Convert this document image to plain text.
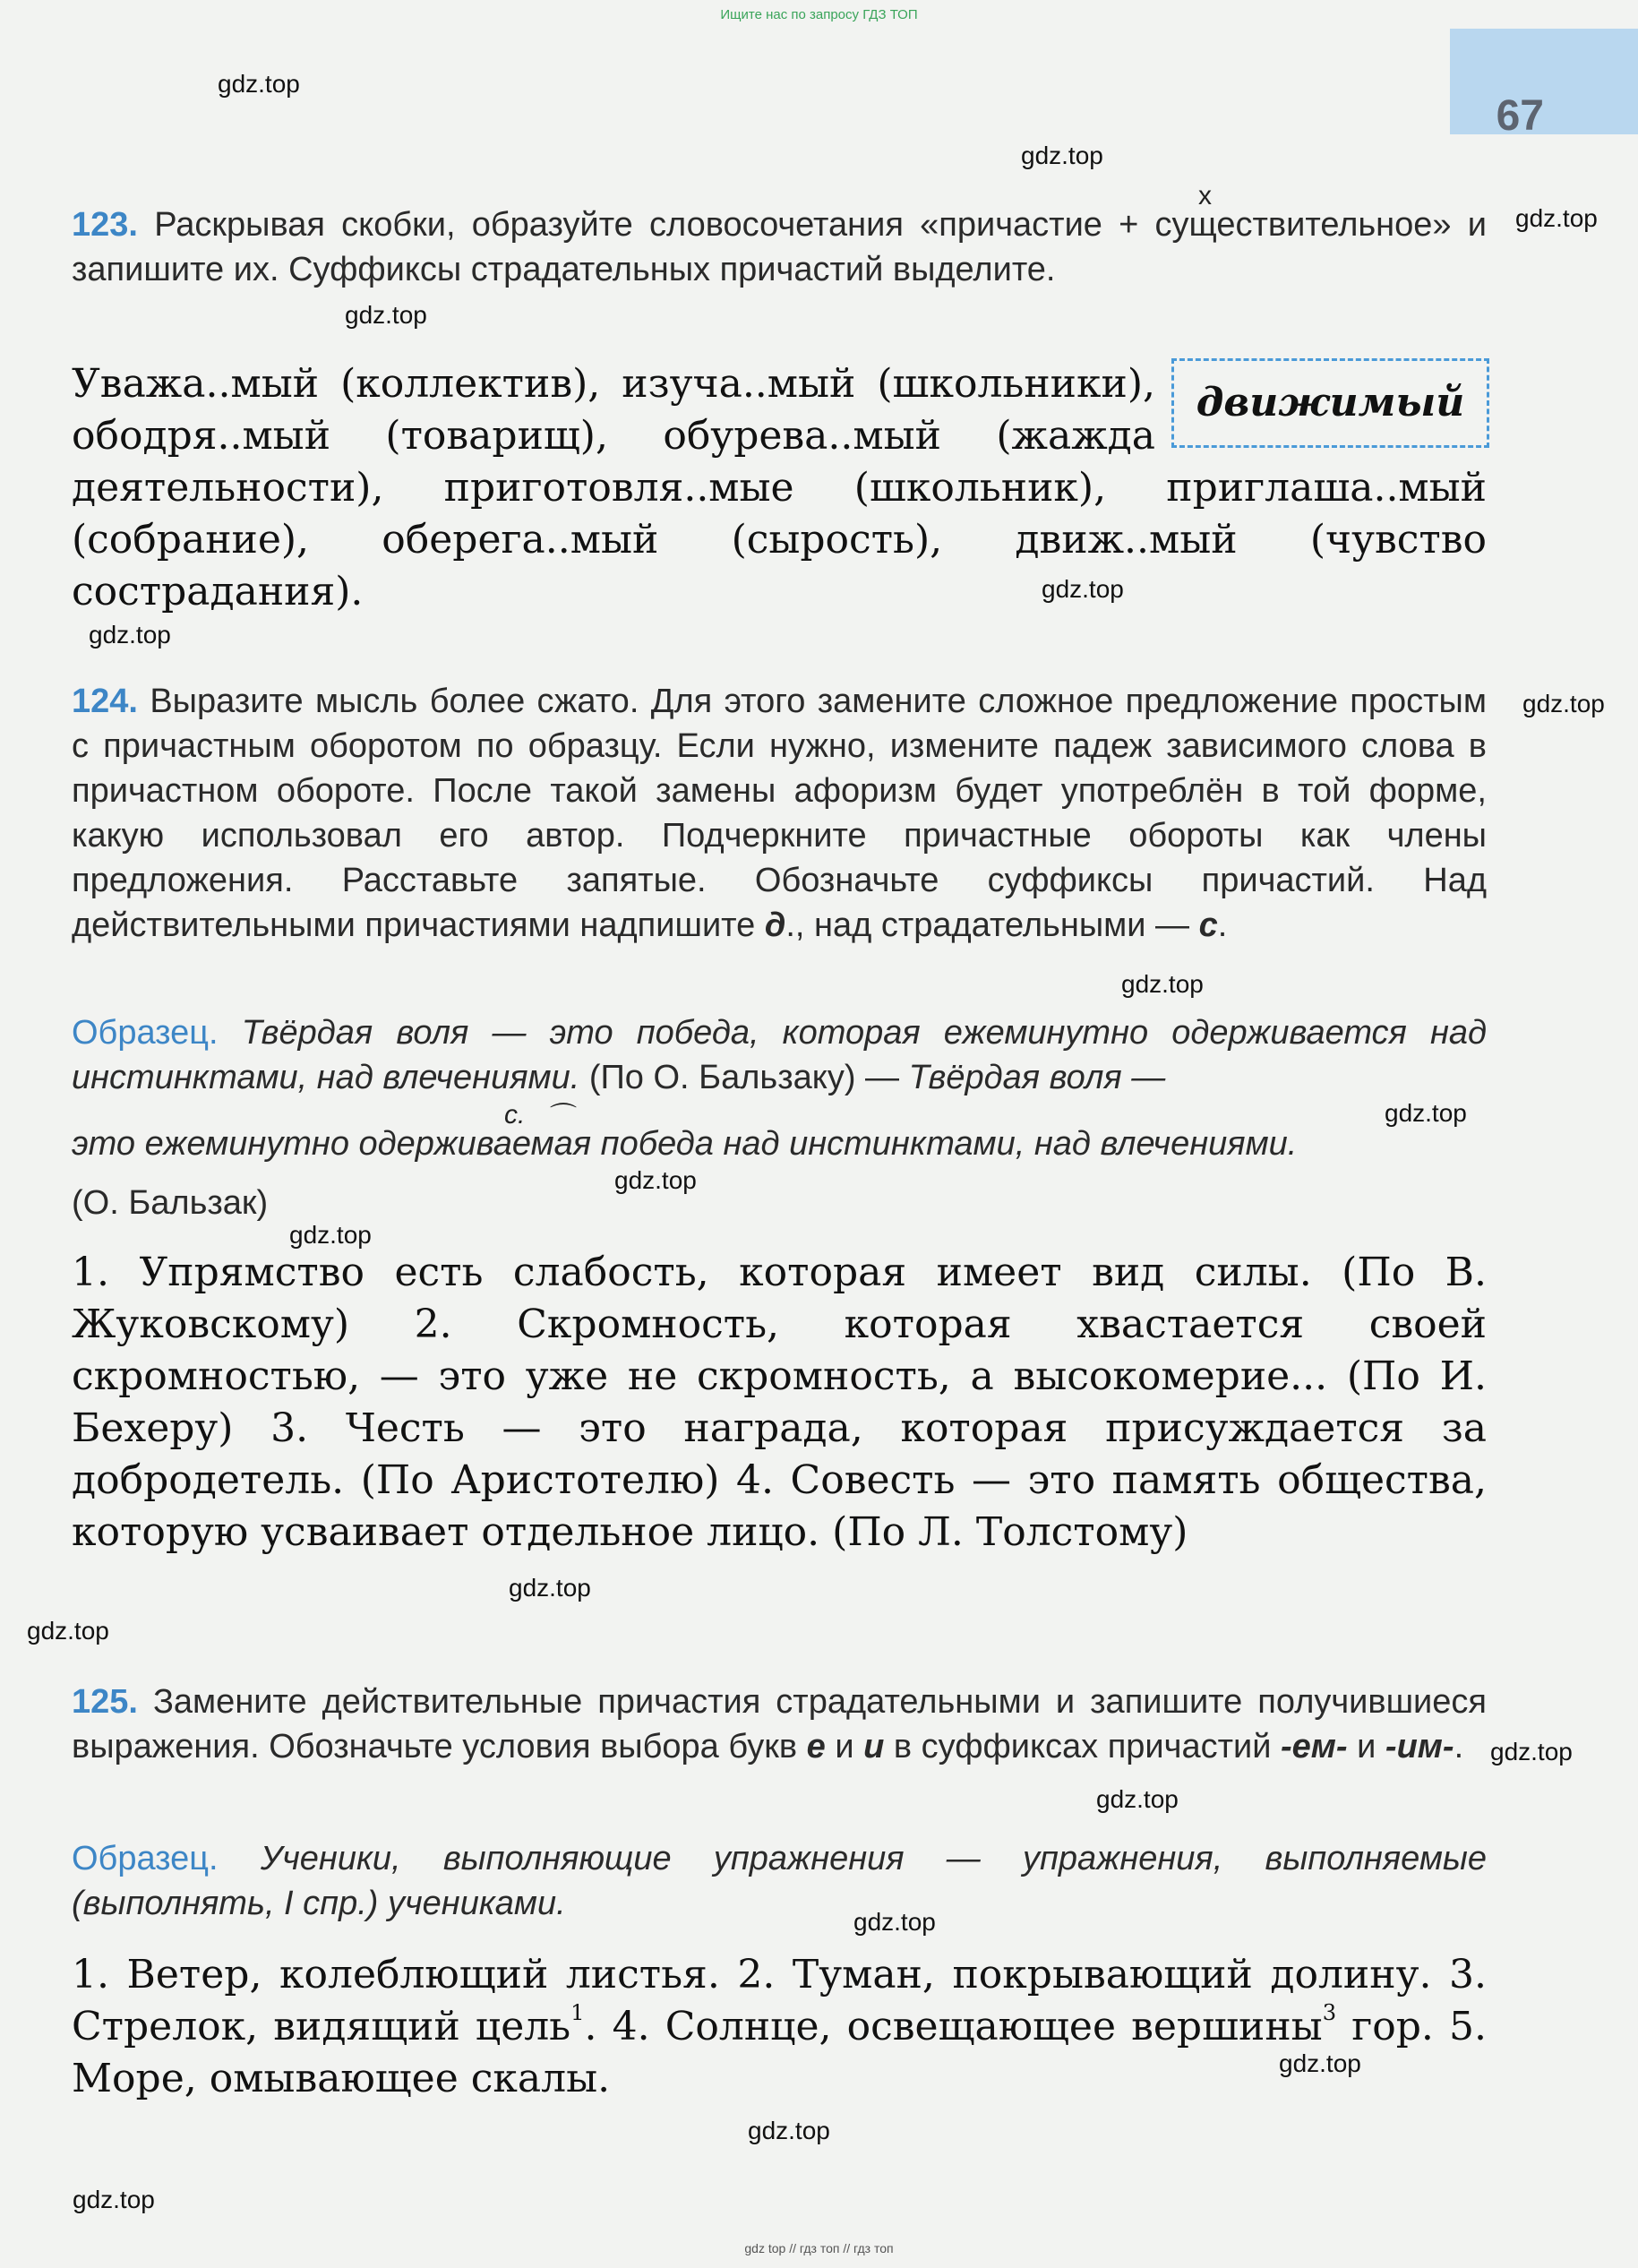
Ищите нас по запросу ГДЗ ТОП
67
gdz.top
gdz.top
gdz.top
gdz.top
gdz.top
gdz.top
gdz.top
gdz.top
gdz.top
gdz.top
gdz.top
gdz.top
gdz.top
gdz.top
gdz.top
gdz.top
gdz.top
gdz.top
gdz.top
x
123. Раскрывая скобки, образуйте словосочетания «причастие + существительное» и запишите их. Суффиксы страдательных причастий выделите.
движимый
Уважа..мый (коллектив), изуча..мый (школьники), ободря..мый (товарищ), обурева..мый (жажда деятельности), приготовля..мые (школьник), приглаша..мый (собрание), оберега..мый (сырость), движ..мый (чувство сострадания).
124. Выразите мысль более сжато. Для этого замените сложное предложение простым с причастным оборотом по образцу. Если нужно, измените падеж зависимого слова в причастном обороте. После такой замены афоризм будет употреблён в той форме, какую использовал его автор. Подчеркните причастные обороты как члены предложения. Расставьте запятые. Обозначьте суффиксы причастий. Над действительными причастиями надпишите д., над страдательными — с.
Образец. Твёрдая воля — это победа, которая ежеминутно одерживается над инстинктами, над влечениями. (По О. Бальзаку) — Твёрдая воля —
с. ⌒
это ежеминутно одерживаемая победа над инстинктами, над влечениями.
(О. Бальзак)
1. Упрямство есть слабость, которая имеет вид силы. (По В. Жуковскому) 2. Скромность, которая хвастается своей скромностью, — это уже не скромность, а высокомерие... (По И. Бехеру) 3. Честь — это награда, которая присуждается за добродетель. (По Аристотелю) 4. Совесть — это память общества, которую усваивает отдельное лицо. (По Л. Толстому)
125. Замените действительные причастия страдательными и запишите получившиеся выражения. Обозначьте условия выбора букв е и и в суффиксах причастий -ем- и -им-.
Образец. Ученики, выполняющие упражнения — упражнения, выполняемые (выполнять, I спр.) учениками.
1. Ветер, колеблющий листья. 2. Туман, покрывающий долину. 3. Стрелок, видящий цель$^1$. 4. Солнце, освещающее вершины$^3$ гор. 5. Море, омывающее скалы.
gdz top // гдз топ // гдз топ
